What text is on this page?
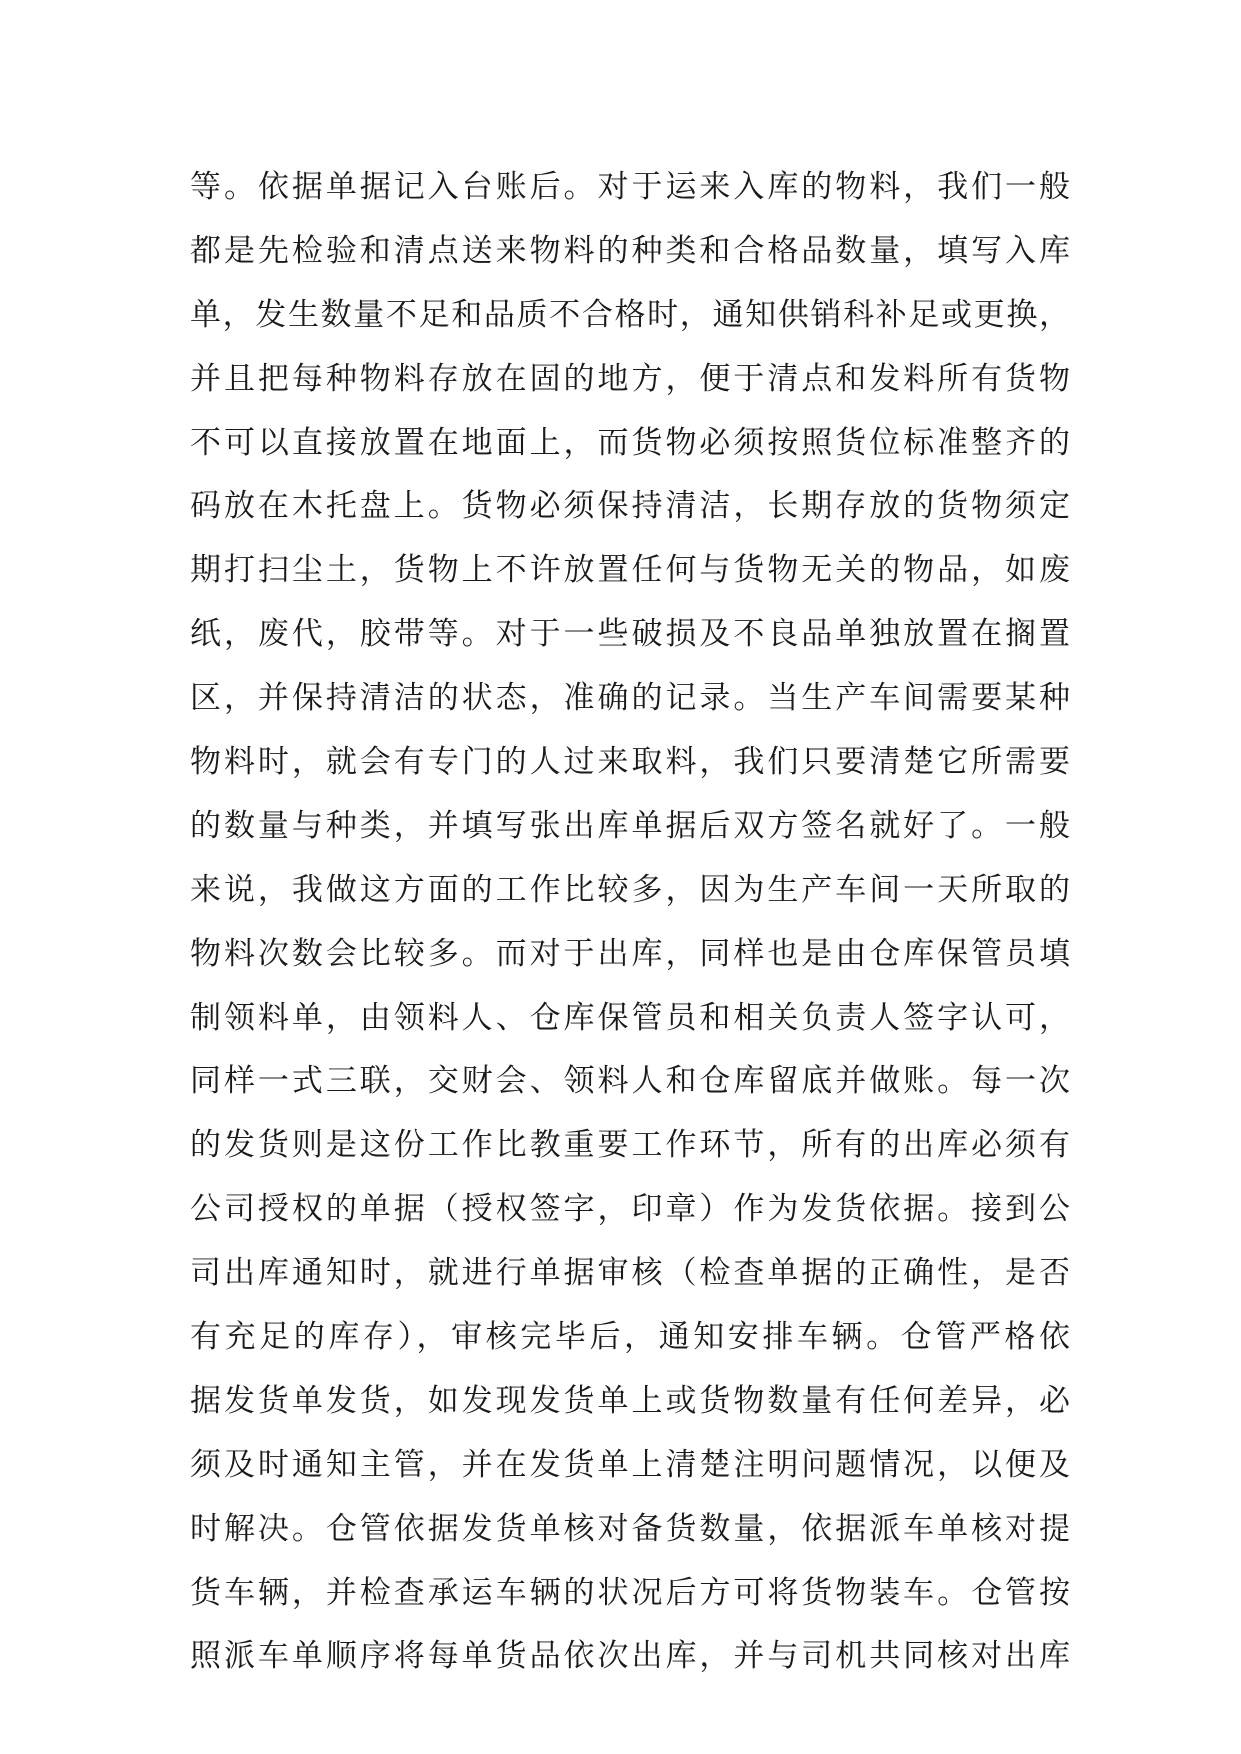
等。依据单据记入台账后。对于运来入库的物料，我们一般
都是先检验和清点送来物料的种类和合格品数量，填写入库
单，发生数量不足和品质不合格时，通知供销科补足或更换，
并且把每种物料存放在固的地方，便于清点和发料所有货物
不可以直接放置在地面上，而货物必须按照货位标准整齐的
码放在木托盘上。货物必须保持清洁，长期存放的货物须定
期打扫尘土，货物上不许放置任何与货物无关的物品，如废
纸，废代，胶带等。对于一些破损及不良品单独放置在搁置
区，并保持清洁的状态，准确的记录。当生产车间需要某种
物料时，就会有专门的人过来取料，我们只要清楚它所需要
的数量与种类，并填写张出库单据后双方签名就好了。一般
来说，我做这方面的工作比较多，因为生产车间一天所取的
物料次数会比较多。而对于出库，同样也是由仓库保管员填
制领料单，由领料人、仓库保管员和相关负责人签字认可，
同样一式三联，交财会、领料人和仓库留底并做账。每一次
的发货则是这份工作比教重要工作环节，所有的出库必须有
公司授权的单据（授权签字，印章）作为发货依据。接到公
司出库通知时，就进行单据审核（检查单据的正确性，是否
有充足的库存），审核完毕后，通知安排车辆。仓管严格依
据发货单发货，如发现发货单上或货物数量有任何差异，必
须及时通知主管，并在发货单上清楚注明问题情况，以便及
时解决。仓管依据发货单核对备货数量，依据派车单核对提
货车辆，并检查承运车辆的状况后方可将货物装车。仓管按
照派车单顺序将每单货品依次出库，并与司机共同核对出库
